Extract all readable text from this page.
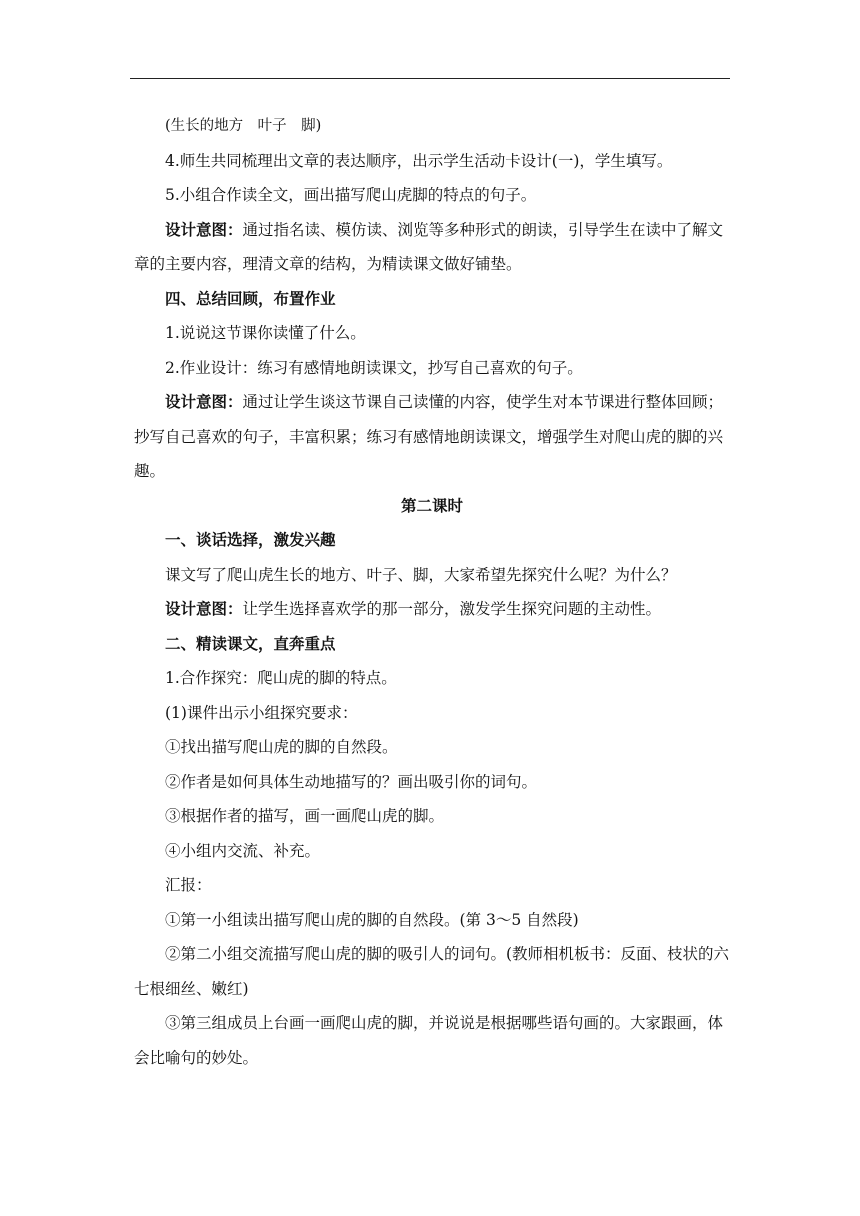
(生长的地方　叶子　脚)

4.师生共同梳理出文章的表达顺序，出示学生活动卡设计(一)，学生填写。

5.小组合作读全文，画出描写爬山虎脚的特点的句子。

设计意图：通过指名读、模仿读、浏览等多种形式的朗读，引导学生在读中了解文章的主要内容，理清文章的结构，为精读课文做好铺垫。

四、总结回顾，布置作业

1.说说这节课你读懂了什么。

2.作业设计：练习有感情地朗读课文，抄写自己喜欢的句子。

设计意图：通过让学生谈这节课自己读懂的内容，使学生对本节课进行整体回顾；抄写自己喜欢的句子，丰富积累；练习有感情地朗读课文，增强学生对爬山虎的脚的兴趣。

第二课时

一、谈话选择，激发兴趣

课文写了爬山虎生长的地方、叶子、脚，大家希望先探究什么呢？为什么？

设计意图：让学生选择喜欢学的那一部分，激发学生探究问题的主动性。

二、精读课文，直奔重点

1.合作探究：爬山虎的脚的特点。

(1)课件出示小组探究要求：

①找出描写爬山虎的脚的自然段。

②作者是如何具体生动地描写的？画出吸引你的词句。

③根据作者的描写，画一画爬山虎的脚。

④小组内交流、补充。

汇报：

①第一小组读出描写爬山虎的脚的自然段。(第 3～5 自然段)

②第二小组交流描写爬山虎的脚的吸引人的词句。(教师相机板书：反面、枝状的六七根细丝、嫩红)

③第三组成员上台画一画爬山虎的脚，并说说是根据哪些语句画的。大家跟画，体会比喻句的妙处。
